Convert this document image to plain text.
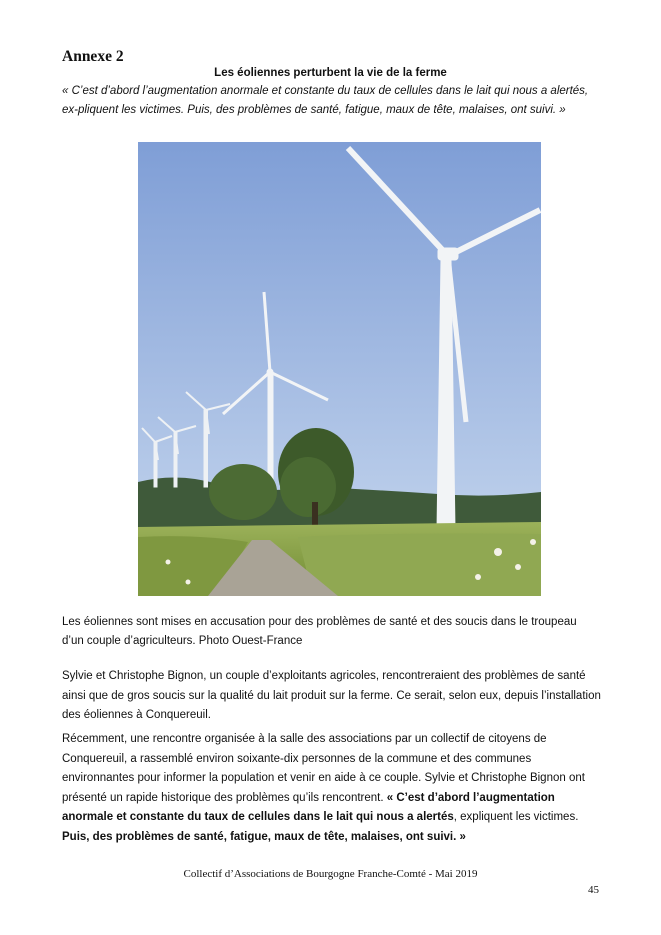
Annexe 2
Les éoliennes perturbent la vie de la ferme
« C’est d’abord l’augmentation anormale et constante du taux de cellules dans le lait qui nous a alertés, ex-pliquent les victimes. Puis, des problèmes de santé, fatigue, maux de tête, malaises, ont suivi. »
Les éoliennes sont mises en accusation pour des problèmes de santé et des soucis dans le troupeau d’un couple d’agriculteurs. Photo Ouest-France
Sylvie et Christophe Bignon, un couple d’exploitants agricoles, rencontreraient des problèmes de santé ainsi que de gros soucis sur la qualité du lait produit sur la ferme. Ce serait, selon eux, depuis l’installation des éoliennes à Conquereuil.
Récemment, une rencontre organisée à la salle des associations par un collectif de citoyens de Conquereuil, a rassemblé environ soixante-dix personnes de la commune et des communes environnantes pour informer la population et venir en aide à ce couple. Sylvie et Christophe Bignon ont présenté un rapide historique des problèmes qu’ils rencontrent. « C’est d’abord l’augmentation anormale et constante du taux de cellules dans le lait qui nous a alertés, expliquent les victimes. Puis, des problèmes de santé, fatigue, maux de tête, malaises, ont suivi. »
Collectif d’Associations de Bourgogne Franche-Comté - Mai 2019
45
